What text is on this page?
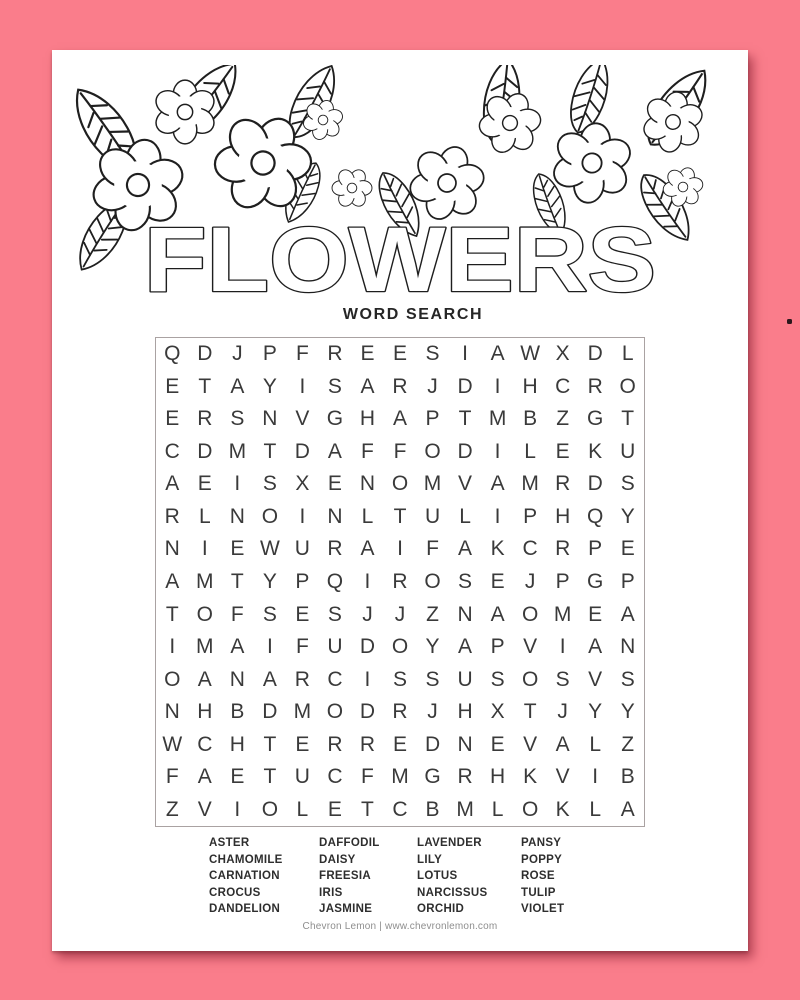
FLOWERS
WORD SEARCH
Q D J P F R E E S	I	A W X D L
E T A Y	I	S A R J D	I	H C R O
E R S N V G H A P T M B Z G T
C D M T D A F F O D	I	L E K U
A E	I	S X E N O M V A M R D S
R L N O	I	N L T U L	I	P H Q Y
N	I	E W U R A	I	F A K C R P E
A M T Y P Q	I	R O S E J P G P
T O F S E S J	J Z N A O M E A
I M A	I	F U D O Y A P V	I	A N
O A N A R C	I	S S U S O S V S
N H B D M O D R J H X T J Y Y
W C H T E R R E D N E V A L Z
F A E T U C F M G R H K V	I	B
Z V	I	O L E T C B M L O K L A
ASTER
CHAMOMILE
CARNATION
CROCUS
DANDELION
DAFFODIL
DAISY
FREESIA
IRIS
JASMINE
LAVENDER
LILY
LOTUS
NARCISSUS
ORCHID
PANSY
POPPY
ROSE
TULIP
VIOLET
Chevron Lemon | www.chevronlemon.com
